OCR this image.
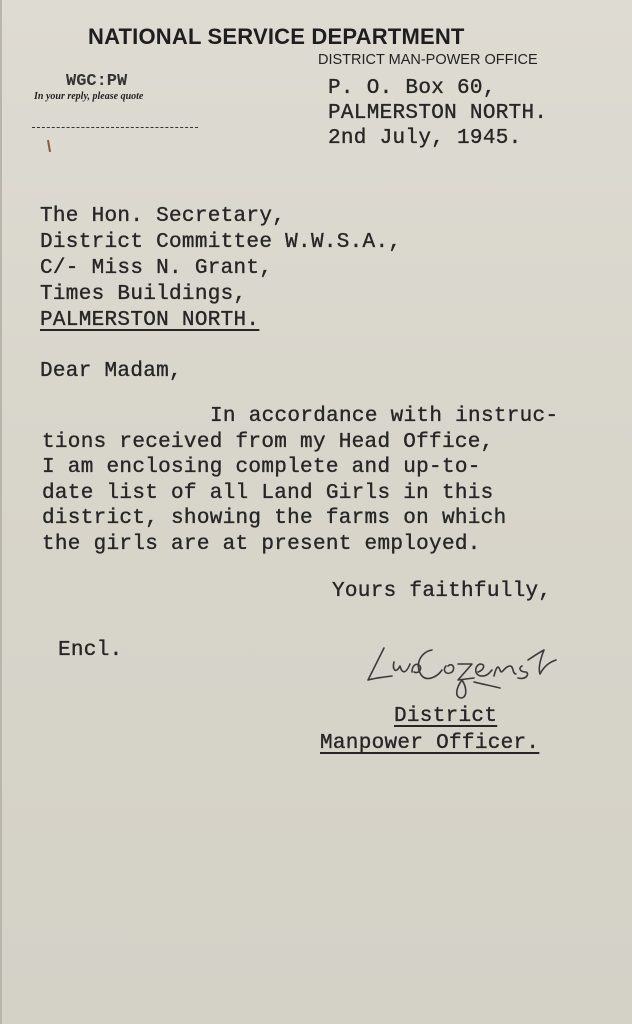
NATIONAL SERVICE DEPARTMENT
DISTRICT MAN-POWER OFFICE
WGC:PW
In your reply, please quote	P. O. Box 60,
PALMERSTON NORTH.
2nd July, 1945.
The Hon. Secretary,
District Committee W.W.S.A.,
C/- Miss N. Grant,
Times Buildings,
PALMERSTON NORTH.
Dear Madam,
In accordance with instruc-
tions received from my Head Office,
I am enclosing complete and up-to-
date list of all Land Girls in this
district, showing the farms on which
the girls are at present employed.
Yours faithfully,
Encl.
District
Manpower Officer.
